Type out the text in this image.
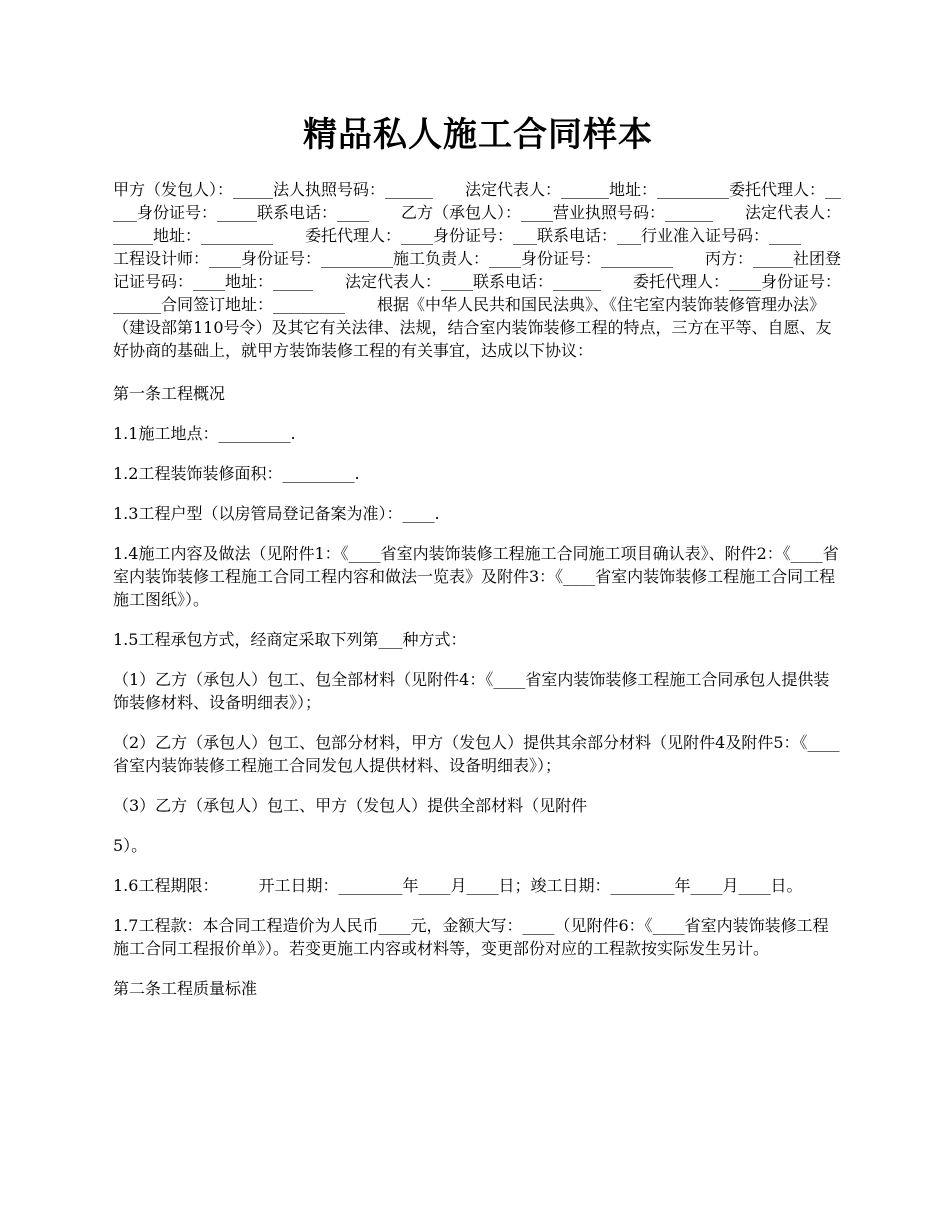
精品私人施工合同样本

甲方（发包人）：_____法人执照号码：______　　法定代表人：______地址：_________委托代理人：_____身份证号：_____联系电话：____　　乙方（承包人）：____营业执照号码：______　　法定代表人：_____地址：_________　　委托代理人：____身份证号：___联系电话：___行业准入证号码：____　　工程设计师：____身份证号：_________施工负责人：____身份证号：_________　　丙方：_____社团登记证号码：____地址：_____　　法定代表人：____联系电话：______　　委托代理人：____身份证号：______合同签订地址：_________　　根据《中华人民共和国民法典》、《住宅室内装饰装修管理办法》（建设部第110号令）及其它有关法律、法规，结合室内装饰装修工程的特点，三方在平等、自愿、友好协商的基础上，就甲方装饰装修工程的有关事宜，达成以下协议：

第一条工程概况

1.1施工地点：_________.

1.2工程装饰装修面积：_________.

1.3工程户型（以房管局登记备案为准）：____.

1.4施工内容及做法（见附件1：《____省室内装饰装修工程施工合同施工项目确认表》、附件2：《____省室内装饰装修工程施工合同工程内容和做法一览表》及附件3：《____省室内装饰装修工程施工合同工程施工图纸》）。

1.5工程承包方式，经商定采取下列第___种方式：

（1）乙方（承包人）包工、包全部材料（见附件4：《____省室内装饰装修工程施工合同承包人提供装饰装修材料、设备明细表》）；

（2）乙方（承包人）包工、包部分材料，甲方（发包人）提供其余部分材料（见附件4及附件5：《____省室内装饰装修工程施工合同发包人提供材料、设备明细表》）；

（3）乙方（承包人）包工、甲方（发包人）提供全部材料（见附件

5）。

1.6工程期限：　　　开工日期：________年____月____日；竣工日期：________年____月____日。

1.7工程款：本合同工程造价为人民币____元，金额大写：____（见附件6：《____省室内装饰装修工程施工合同工程报价单》）。若变更施工内容或材料等，变更部份对应的工程款按实际发生另计。

第二条工程质量标准
